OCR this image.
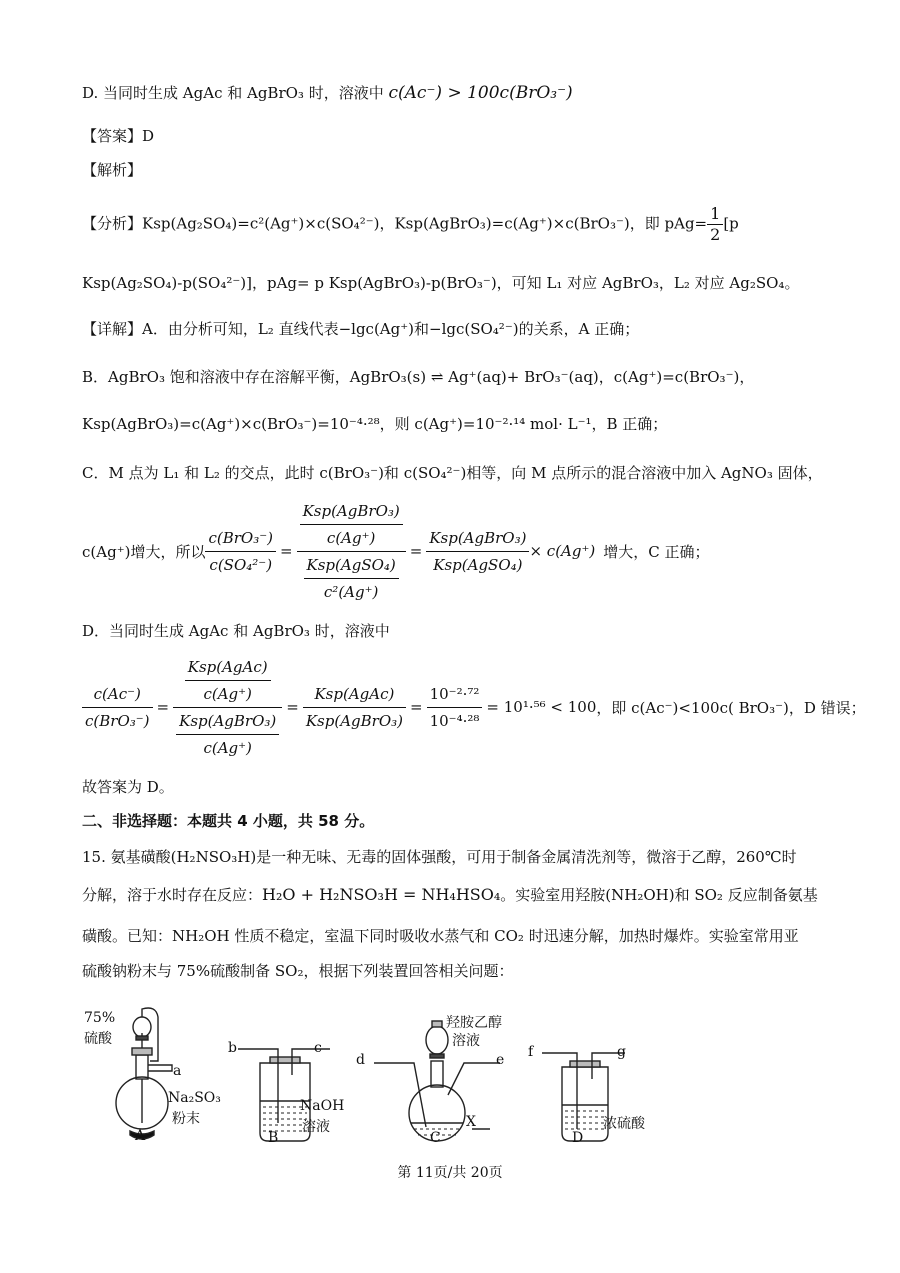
D. 当同时生成 AgAc 和 AgBrO₃ 时，溶液中 c(Ac⁻) > 100c(BrO₃⁻)
【答案】D
【解析】
【分析】Ksp(Ag₂SO₄)=c²(Ag⁺)×c(SO₄²⁻)，Ksp(AgBrO₃)=c(Ag⁺)×c(BrO₃⁻)，即 $pAg= \frac{1}{2} [p$
Ksp(Ag₂SO₄)-p(SO₄²⁻)]，pAg= p Ksp(AgBrO₃)-p(BrO₃⁻)，可知 L₁ 对应 AgBrO₃，L₂ 对应 Ag₂SO₄。
【详解】A．由分析可知，L₂ 直线代表−lgc(Ag⁺)和−lgc(SO₄²⁻)的关系，A 正确；
B．AgBrO₃ 饱和溶液中存在溶解平衡，AgBrO₃(s) ⇌ Ag⁺(aq)+ BrO₃⁻(aq)，c(Ag⁺)=c(BrO₃⁻)，
Ksp(AgBrO₃)=c(Ag⁺)×c(BrO₃⁻)=10⁻⁴·²⁸，则 c(Ag⁺)=10⁻²·¹⁴ mol· L⁻¹，B 正确；
C．M 点为 L₁ 和 L₂ 的交点，此时 c(BrO₃⁻)和 c(SO₄²⁻)相等，向 M 点所示的混合溶液中加入 AgNO₃ 固体，
c(Ag⁺)增大，所以 $\frac{\text{c(BrO₃⁻)}}{\text{c(SO₄²⁻)}} = \frac{\frac{\text{Ksp(AgBrO₃)}}{c(Ag^+)}}{\frac{\text{Ksp(AgSO₄)}}{\text{c²(Ag⁺)}}} = \frac{\text{Ksp(AgBrO₃)}}{\text{Ksp(AgSO₄)}} \times c(Ag^+)$ 增大，C 正确；
D．当同时生成 AgAc 和 AgBrO₃ 时，溶液中
$\frac{c(Ac^-)}{\text{c(BrO₃⁻)}} = \frac{\frac{\text{Ksp(AgAc)}}{c(Ag^+)}}{\frac{\text{Ksp(AgBrO₃)}}{c(Ag^+)}} = \frac{\text{Ksp(AgAc)}}{\text{Ksp(AgBrO₃)}} = \frac{\text{10⁻²·⁷²}}{\text{10⁻⁴·²⁸}} = 10^1\cdot^{56} < 100$ ，即 c(Ac⁻)<100c( BrO₃⁻)，D 错误；
故答案为 D。
二、非选择题：本题共 4 小题，共 58 分。
15. 氨基磺酸(H₂NSO₃H)是一种无味、无毒的固体强酸，可用于制备金属清洗剂等，微溶于乙醇，260℃时
分解，溶于水时存在反应：H₂O + H₂NSO₃H = NH₄HSO₄。实验室用羟胺(NH₂OH)和 SO₂ 反应制备氨基
磺酸。已知：NH₂OH 性质不稳定，室温下同时吸收水蒸气和 CO₂ 时迅速分解，加热时爆炸。实验室常用亚
硫酸钠粉末与 75%硫酸制备 SO₂，根据下列装置回答相关问题：
75%
硫酸
a
Na₂SO₃
粉末
A
b	c
NaOH
溶液
B
d	e
羟胺乙醇
溶液
X
C
f	g
浓硫酸
D
第 11页/共 20页
